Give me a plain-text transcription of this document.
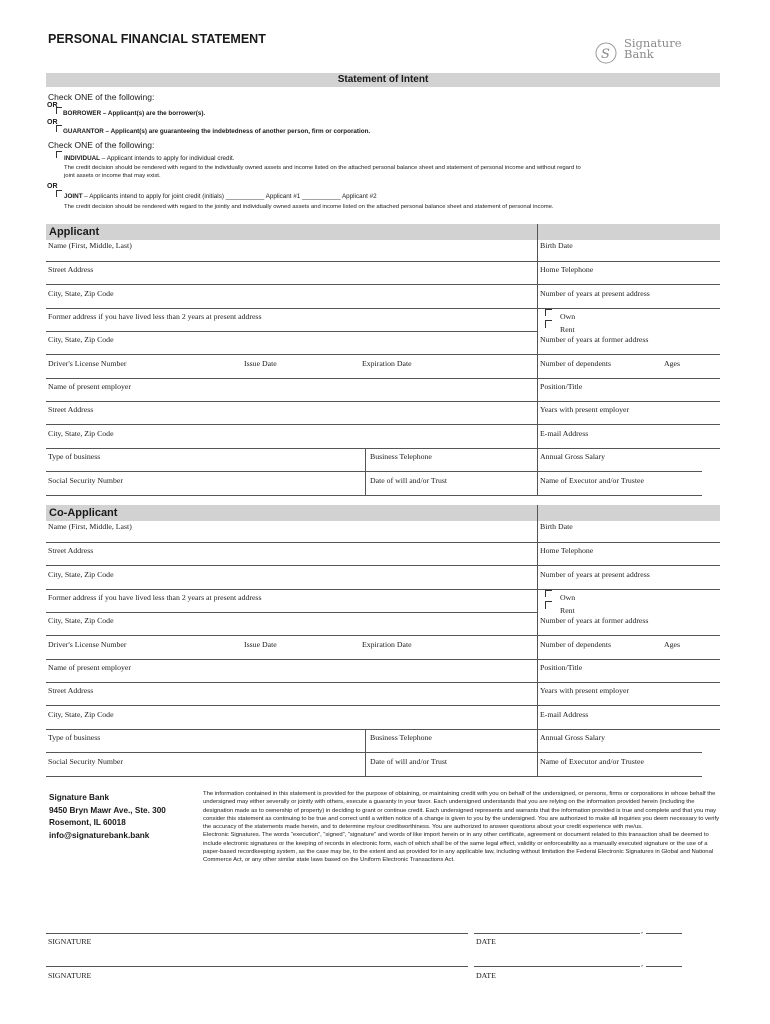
PERSONAL FINANCIAL STATEMENT
S
Signature
Bank
Statement of Intent
Check ONE of the following:
OR
BORROWER – Applicant(s) are the borrower(s).
OR
GUARANTOR – Applicant(s) are guaranteeing the indebtedness of another person, firm or corporation.
Check ONE of the following:
INDIVIDUAL – Applicant intends to apply for individual credit.
The credit decision should be rendered with regard to the individually owned assets and income listed on the attached personal balance sheet and statement of personal income and without regard to joint assets or income that may exist.
OR
JOINT – Applicants intend to apply for joint credit (initials) ___________ Applicant #1 ___________ Applicant #2
The credit decision should be rendered with regard to the jointly and individually owned assets and income listed on the attached personal balance sheet and statement of personal income.
Applicant
Name (First, Middle, Last)	Birth Date
Street Address	Home Telephone
City, State, Zip Code	Number of years at present address
Former address if you have lived less than 2 years at present address	Own
Rent
City, State, Zip Code	Number of years at former address
Driver's License Number	Issue Date	Expiration Date	Number of dependents	Ages
Name of present employer	Position/Title
Street Address	Years with present employer
City, State, Zip Code	E-mail Address
Type of business	Business Telephone	Annual Gross Salary
Social Security Number	Date of will and/or Trust	Name of Executor and/or Trustee
Co-Applicant
Name (First, Middle, Last)	Birth Date
Street Address	Home Telephone
City, State, Zip Code	Number of years at present address
Former address if you have lived less than 2 years at present address	Own
Rent
City, State, Zip Code	Number of years at former address
Driver's License Number	Issue Date	Expiration Date	Number of dependents	Ages
Name of present employer	Position/Title
Street Address	Years with present employer
City, State, Zip Code	E-mail Address
Type of business	Business Telephone	Annual Gross Salary
Social Security Number	Date of will and/or Trust	Name of Executor and/or Trustee
Signature Bank
9450 Bryn Mawr Ave., Ste. 300
Rosemont, IL 60018
info@signaturebank.bank

The information contained in this statement is provided for the purpose of obtaining, or maintaining credit with you on behalf of the undersigned, or persons, firms or corporations in whose behalf the undersigned may either severally or jointly with others, execute a guaranty in your favor. Each undersigned understands that you are relying on the information provided herein (including the designation made as to ownership of property) in deciding to grant or continue credit. Each undersigned represents and warrants that the information provided is true and complete and that you may consider this statement as continuing to be true and correct until a written notice of a change is given to you by the undersigned. You are authorized to make all inquiries you deem necessary to verify the accuracy of the statements made herein, and to determine my/our creditworthiness. You are authorized to answer questions about your credit experience with me/us.

Electronic Signatures. The words “execution”, “signed”, “signature” and words of like import herein or in any other certificate, agreement or document related to this transaction shall be deemed to include electronic signatures or the keeping of records in electronic form, each of which shall be of the same legal effect, validity or enforceability as a manually executed signature or the use of a paper-based recordkeeping system, as the case may be, to the extent and as provided for in any applicable law, including without limitation the Federal Electronic Signatures in Global and National Commerce Act, or any other similar state laws based on the Uniform Electronic Transactions Act.

SIGNATURE
,
DATE
SIGNATURE
,
DATE
